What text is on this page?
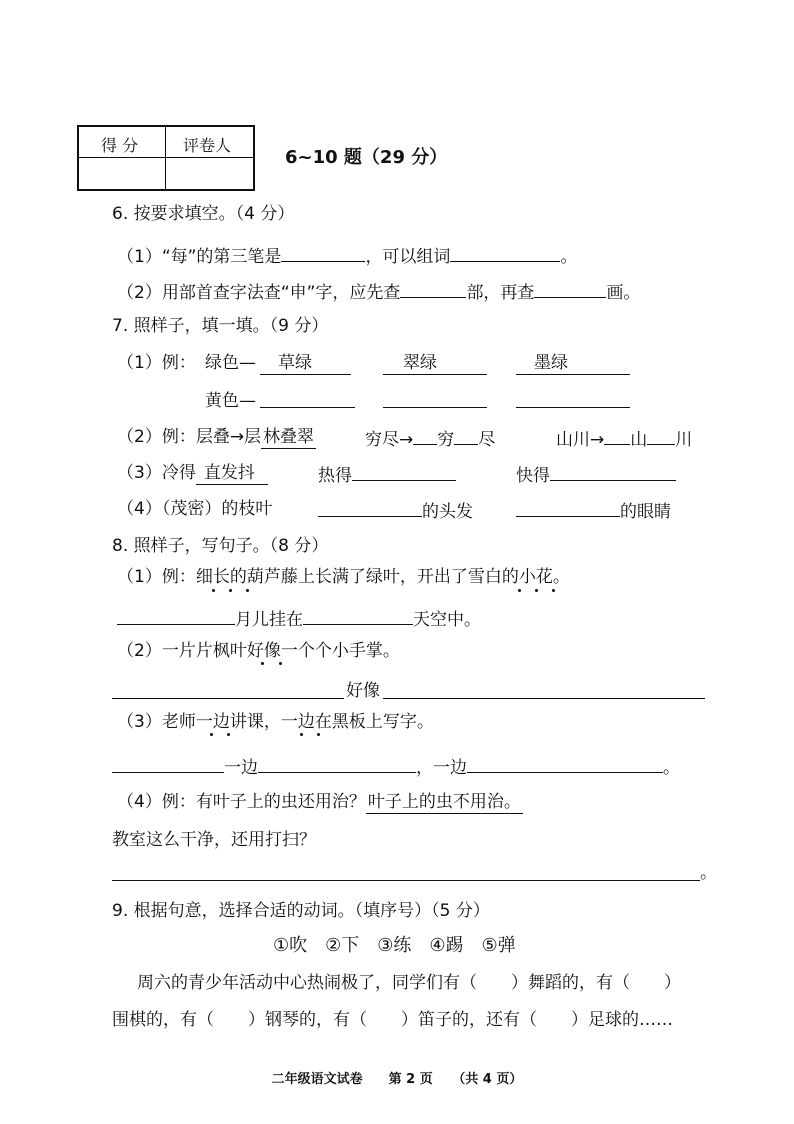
得 分	评卷人
6~10 题（29 分）
6. 按要求填空。（4 分）
（1）“每”的第三笔是	，可以组词	。
（2）用部首查字法查“申”字，应先查	部，再查	画。
7. 照样子，填一填。（9 分）
（1）例： 绿色—	草绿	翠绿	墨绿
黄色—
（2）例：层叠→层 林叠翠	穷尽→ 穷 尽	山川→ 山 川
（3）冷得 直发抖	热得	快得
（4）（茂密）的枝叶	的头发	的眼睛
8. 照样子，写句子。（8 分）
（1）例：细长的葫芦藤上长满了绿叶，开出了雪白的小花。
月儿挂在	天空中。
（2）一片片枫叶好像一个个小手掌。
好像
（3）老师一边讲课，一边在黑板上写字。
一边	，一边	。
（4）例：有叶子上的虫还用治？ 叶子上的虫不用治。
教室这么干净，还用打扫？
。
9. 根据句意，选择合适的动词。（填序号）（5 分）
①吹　②下　③练　④踢　⑤弹
周六的青少年活动中心热闹极了，同学们有（　　）舞蹈的，有（　　）
围棋的，有（　　）钢琴的，有（　　）笛子的，还有（　　）足球的……
二年级语文试卷　　第 2 页　　（共 4 页）
